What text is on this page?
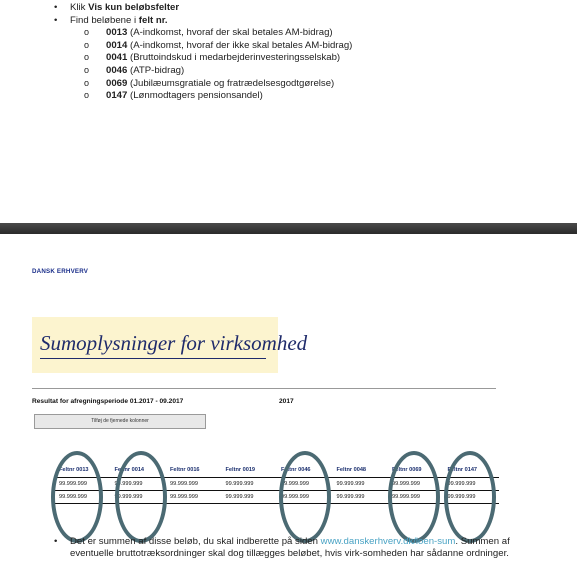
• Klik Vis kun beløbsfelter
• Find beløbene i felt nr.
o 0013 (A-indkomst, hvoraf der skal betales AM-bidrag)
o 0014 (A-indkomst, hvoraf der ikke skal betales AM-bidrag)
o 0041 (Bruttoindskud i medarbejderinvesteringsselskab)
o 0046 (ATP-bidrag)
o 0069 (Jubilæumsgratiale og fratrædelsesgodtgørelse)
o 0147 (Lønmodtagers pensionsandel)
DANSK ERHVERV
Sumoplysninger for virksomhed
Resultat for afregningsperiode 01.2017 - 09.2017	2017
Tilføj de fjernede kolonner
Feltnr 0013	Feltnr 0014	Feltnr 0016	Feltnr 0019	Feltnr 0046	Feltnr 0048	Feltnr 0069	Feltnr 0147
99.999.999	99.999.999	99.999.999	99.999.999	99.999.999	99.999.999	99.999.999	99.999.999
99.999.999	99.999.999	99.999.999	99.999.999	99.999.999	99.999.999	99.999.999	99.999.999
• Det er summen af disse beløb, du skal indberette på siden www.danskerhverv.dk/loen-sum. Summen af eventuelle bruttotræksordninger skal dog tillægges beløbet, hvis virk-somheden har sådanne ordninger.
